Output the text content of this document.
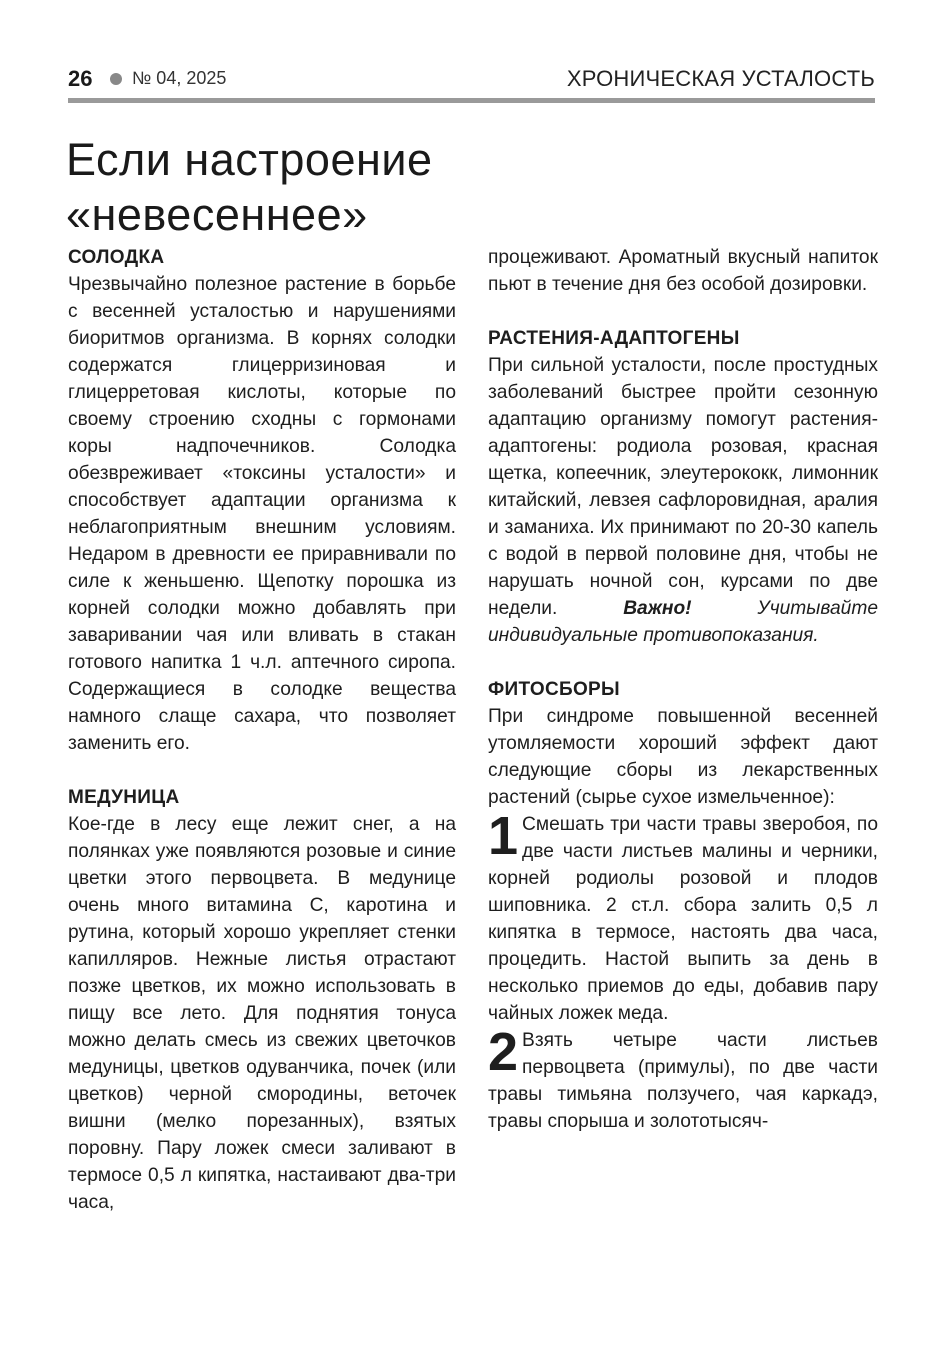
26 № 04, 2025	ХРОНИЧЕСКАЯ УСТАЛОСТЬ
Если настроение
«невесеннее»
СОЛОДКА

Чрезвычайно полезное растение в борьбе с весенней усталостью и нарушениями биоритмов организма. В корнях солодки содержатся глицерризиновая и глицерретовая кислоты, которые по своему строению сходны с гормонами коры надпочечников. Солодка обезвреживает «токсины усталости» и способствует адаптации организма к неблагоприятным внешним условиям. Недаром в древности ее приравнивали по силе к женьшеню. Щепотку порошка из корней солодки можно добавлять при заваривании чая или вливать в стакан готового напитка 1 ч.л. аптечного сиропа. Содержащиеся в солодке вещества намного слаще сахара, что позволяет заменить его.

МЕДУНИЦА

Кое-где в лесу еще лежит снег, а на полянках уже появляются розовые и синие цветки этого первоцвета. В медунице очень много витамина С, каротина и рутина, который хорошо укрепляет стенки капилляров. Нежные листья отрастают позже цветков, их можно использовать в пищу все лето. Для поднятия тонуса можно делать смесь из свежих цветочков медуницы, цветков одуванчика, почек (или цветков) черной смородины, веточек вишни (мелко порезанных), взятых поровну. Пару ложек смеси заливают в термосе 0,5 л кипятка, настаивают два-три часа,

процеживают. Ароматный вкусный напиток пьют в течение дня без особой дозировки.

РАСТЕНИЯ-АДАПТОГЕНЫ

При сильной усталости, после простудных заболеваний быстрее пройти сезонную адаптацию организму помогут растения-адаптогены: родиола розовая, красная щетка, копеечник, элеутерококк, лимонник китайский, левзея сафлоровидная, аралия и заманиха. Их принимают по 20-30 капель с водой в первой половине дня, чтобы не нарушать ночной сон, курсами по две недели.	Важно! Учитывайте индивидуальные противопоказания.

ФИТОСБОРЫ

При синдроме повышенной весенней утомляемости хороший эффект дают следующие сборы из лекарственных растений (сырье сухое измельченное):

1 Смешать три части травы зверобоя, по две части листьев малины и черники, корней родиолы розовой и плодов шиповника. 2 ст.л. сбора залить 0,5 л кипятка в термосе, настоять два часа, процедить. Настой выпить за день в несколько приемов до еды, добавив пару чайных ложек меда.

2 Взять четыре части листьев первоцвета (примулы), по две части травы тимьяна ползучего, чая каркадэ, травы спорыша и золототысяч-
